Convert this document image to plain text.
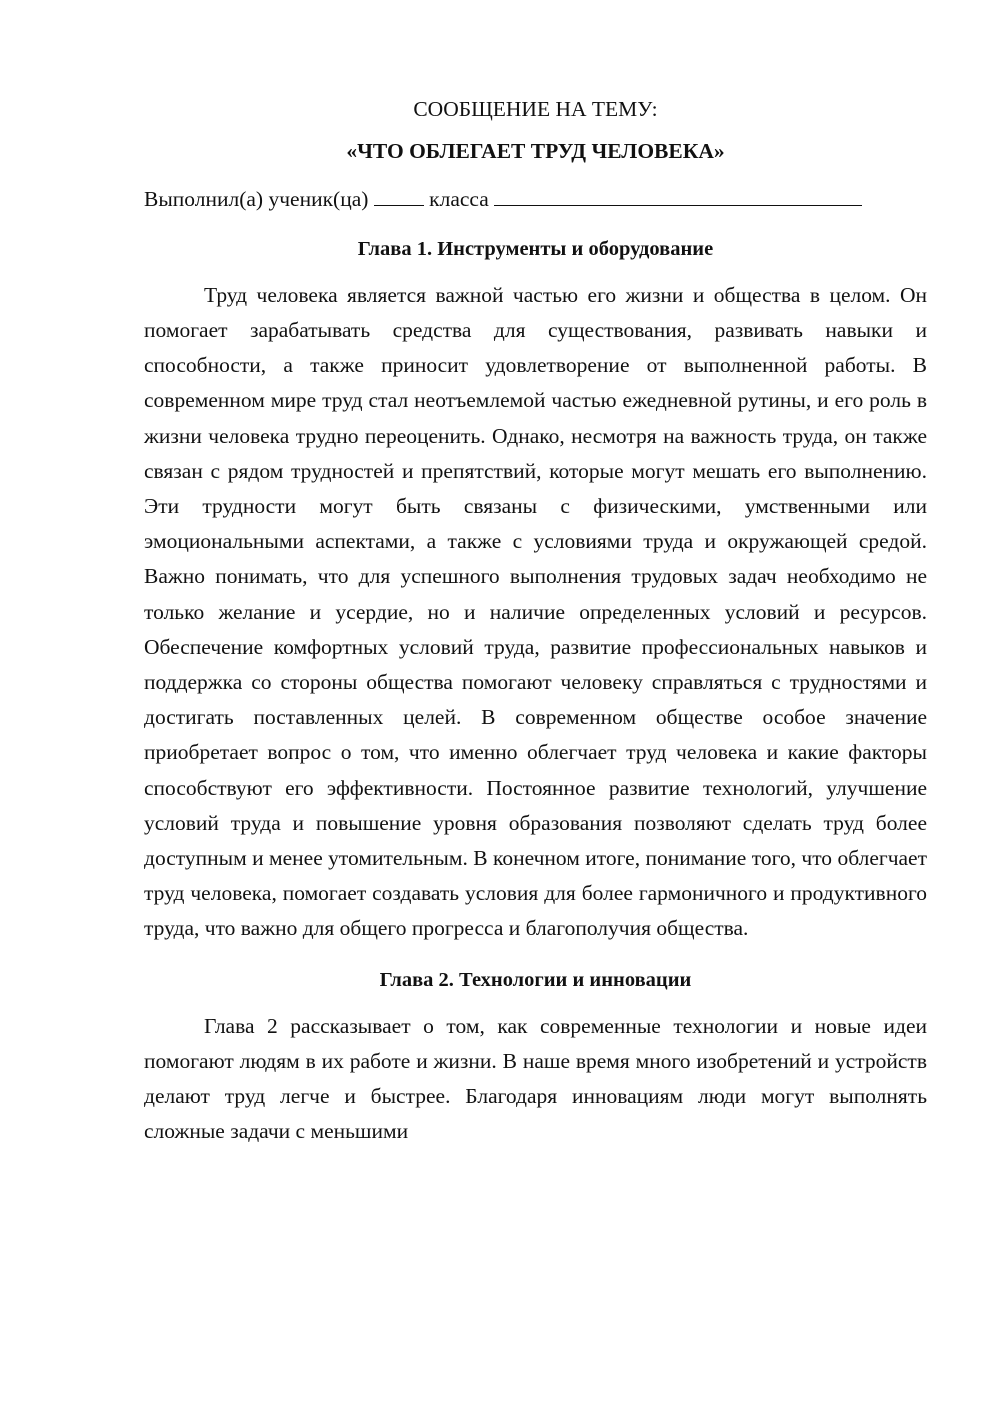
СООБЩЕНИЕ НА ТЕМУ:
«ЧТО ОБЛЕГАЕТ ТРУД ЧЕЛОВЕКА»

Выполнил(а) ученик(ца)	класса

Глава 1. Инструменты и оборудование

Труд человека является важной частью его жизни и общества в целом. Он помогает зарабатывать средства для существования, развивать навыки и способности, а также приносит удовлетворение от выполненной работы. В современном мире труд стал неотъемлемой частью ежедневной рутины, и его роль в жизни человека трудно переоценить. Однако, несмотря на важность труда, он также связан с рядом трудностей и препятствий, которые могут мешать его выполнению. Эти трудности могут быть связаны с физическими, умственными или эмоциональными аспектами, а также с условиями труда и окружающей средой. Важно понимать, что для успешного выполнения трудовых задач необходимо не только желание и усердие, но и наличие определенных условий и ресурсов. Обеспечение комфортных условий труда, развитие профессиональных навыков и поддержка со стороны общества помогают человеку справляться с трудностями и достигать поставленных целей. В современном обществе особое значение приобретает вопрос о том, что именно облегчает труд человека и какие факторы способствуют его эффективности. Постоянное развитие технологий, улучшение условий труда и повышение уровня образования позволяют сделать труд более доступным и менее утомительным. В конечном итоге, понимание того, что облегчает труд человека, помогает создавать условия для более гармоничного и продуктивного труда, что важно для общего прогресса и благополучия общества.

Глава 2. Технологии и инновации

Глава 2 рассказывает о том, как современные технологии и новые идеи помогают людям в их работе и жизни. В наше время много изобретений и устройств делают труд легче и быстрее. Благодаря инновациям люди могут выполнять сложные задачи с меньшими
